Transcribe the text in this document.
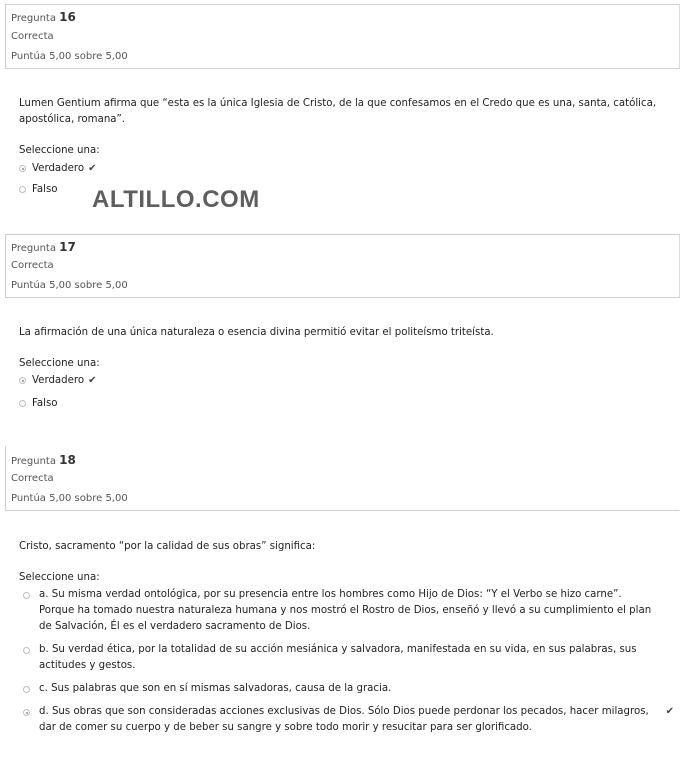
Pregunta 16
Correcta
Puntúa 5,00 sobre 5,00
Lumen Gentium afirma que “esta es la única Iglesia de Cristo, de la que confesamos en el Credo que es una, santa, católica, apostólica, romana”.
Seleccione una:
Verdadero ✔
Falso ALTILLO.COM
Pregunta 17
Correcta
Puntúa 5,00 sobre 5,00
La afirmación de una única naturaleza o esencia divina permitió evitar el politeísmo triteísta.
Seleccione una:
Verdadero ✔
Falso
Pregunta 18
Correcta
Puntúa 5,00 sobre 5,00
Cristo, sacramento “por la calidad de sus obras” significa:
Seleccione una:
a. Su misma verdad ontológica, por su presencia entre los hombres como Hijo de Dios: “Y el Verbo se hizo carne”. Porque ha tomado nuestra naturaleza humana y nos mostró el Rostro de Dios, enseñó y llevó a su cumplimiento el plan de Salvación, Él es el verdadero sacramento de Dios.
b. Su verdad ética, por la totalidad de su acción mesiánica y salvadora, manifestada en su vida, en sus palabras, sus actitudes y gestos.
c. Sus palabras que son en sí mismas salvadoras, causa de la gracia.
d. Sus obras que son consideradas acciones exclusivas de Dios. Sólo Dios puede perdonar los pecados, hacer milagros, dar de comer su cuerpo y de beber su sangre y sobre todo morir y resucitar para ser glorificado.
✔
